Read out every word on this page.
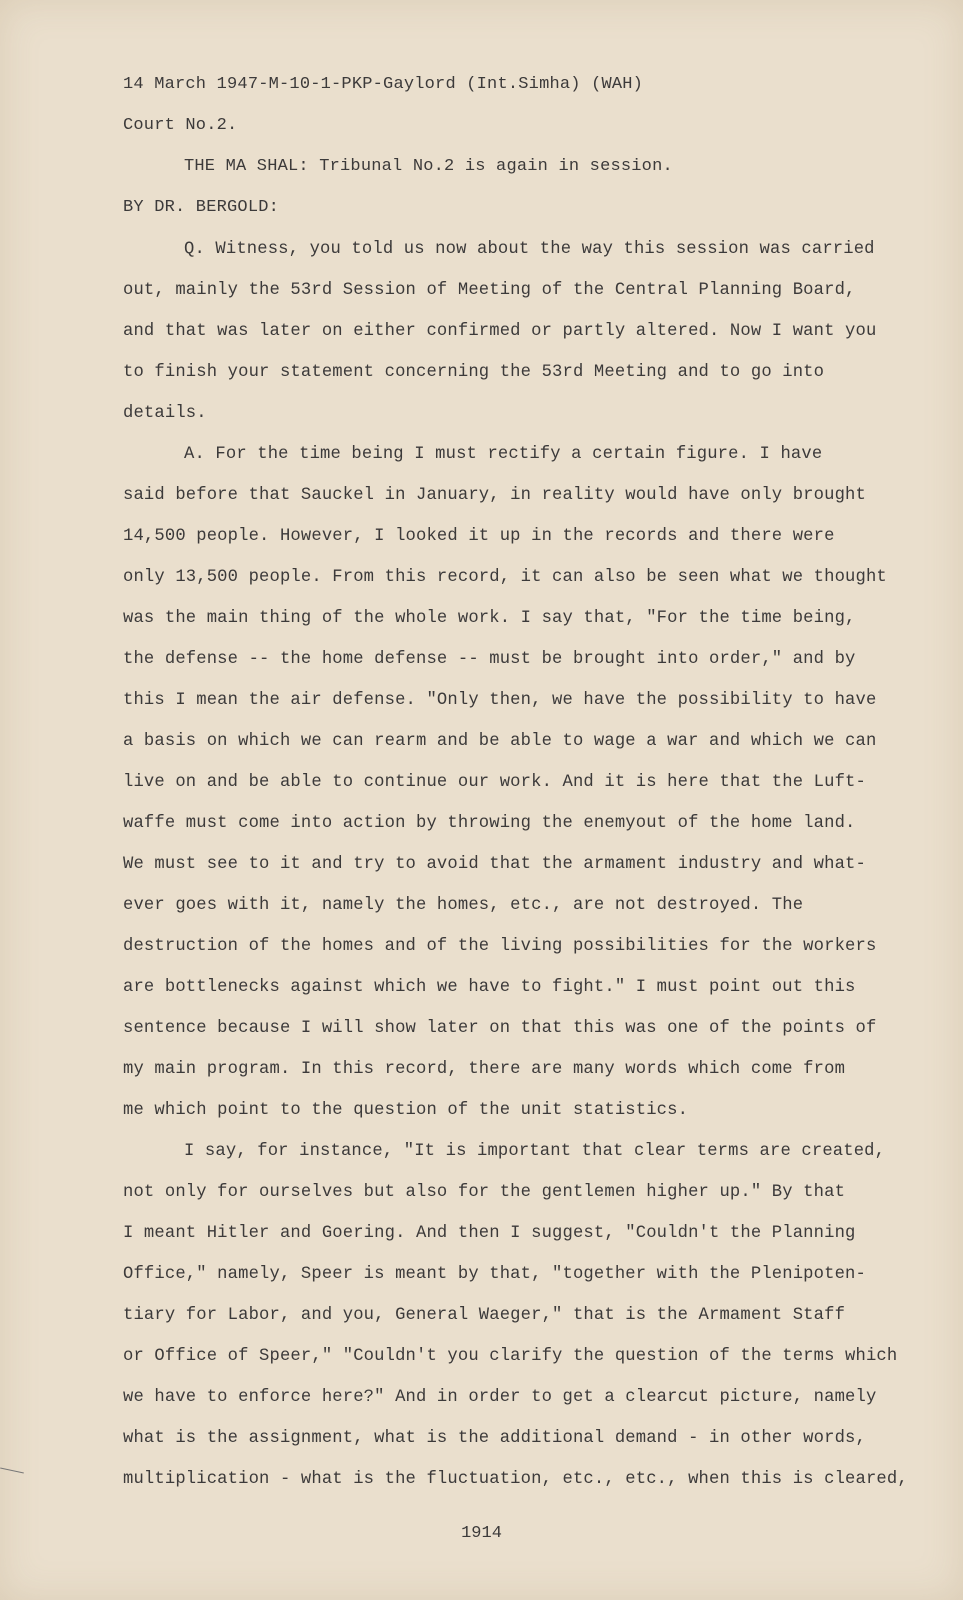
14 March 1947-M-10-1-PKP-Gaylord (Int.Simha) (WAH)
Court No.2.
THE MA SHAL: Tribunal No.2 is again in session.
BY DR. BERGOLD:
Q. Witness, you told us now about the way this session was carried
out, mainly the 53rd Session of Meeting of the Central Planning Board,
and that was later on either confirmed or partly altered. Now I want you
to finish your statement concerning the 53rd Meeting and to go into
details.
A. For the time being I must rectify a certain figure. I have
said before that Sauckel in January, in reality would have only brought
14,500 people. However, I looked it up in the records and there were
only 13,500 people. From this record, it can also be seen what we thought
was the main thing of the whole work. I say that, "For the time being,
the defense -- the home defense -- must be brought into order," and by
this I mean the air defense. "Only then, we have the possibility to have
a basis on which we can rearm and be able to wage a war and which we can
live on and be able to continue our work. And it is here that the Luft-
waffe must come into action by throwing the enemyout of the home land.
We must see to it and try to avoid that the armament industry and what-
ever goes with it, namely the homes, etc., are not destroyed. The
destruction of the homes and of the living possibilities for the workers
are bottlenecks against which we have to fight." I must point out this
sentence because I will show later on that this was one of the points of
my main program. In this record, there are many words which come from
me which point to the question of the unit statistics.
I say, for instance, "It is important that clear terms are created,
not only for ourselves but also for the gentlemen higher up." By that
I meant Hitler and Goering. And then I suggest, "Couldn't the Planning
Office," namely, Speer is meant by that, "together with the Plenipoten-
tiary for Labor, and you, General Waeger," that is the Armament Staff
or Office of Speer," "Couldn't you clarify the question of the terms which
we have to enforce here?" And in order to get a clearcut picture, namely
what is the assignment, what is the additional demand - in other words,
multiplication - what is the fluctuation, etc., etc., when this is cleared,
1914
